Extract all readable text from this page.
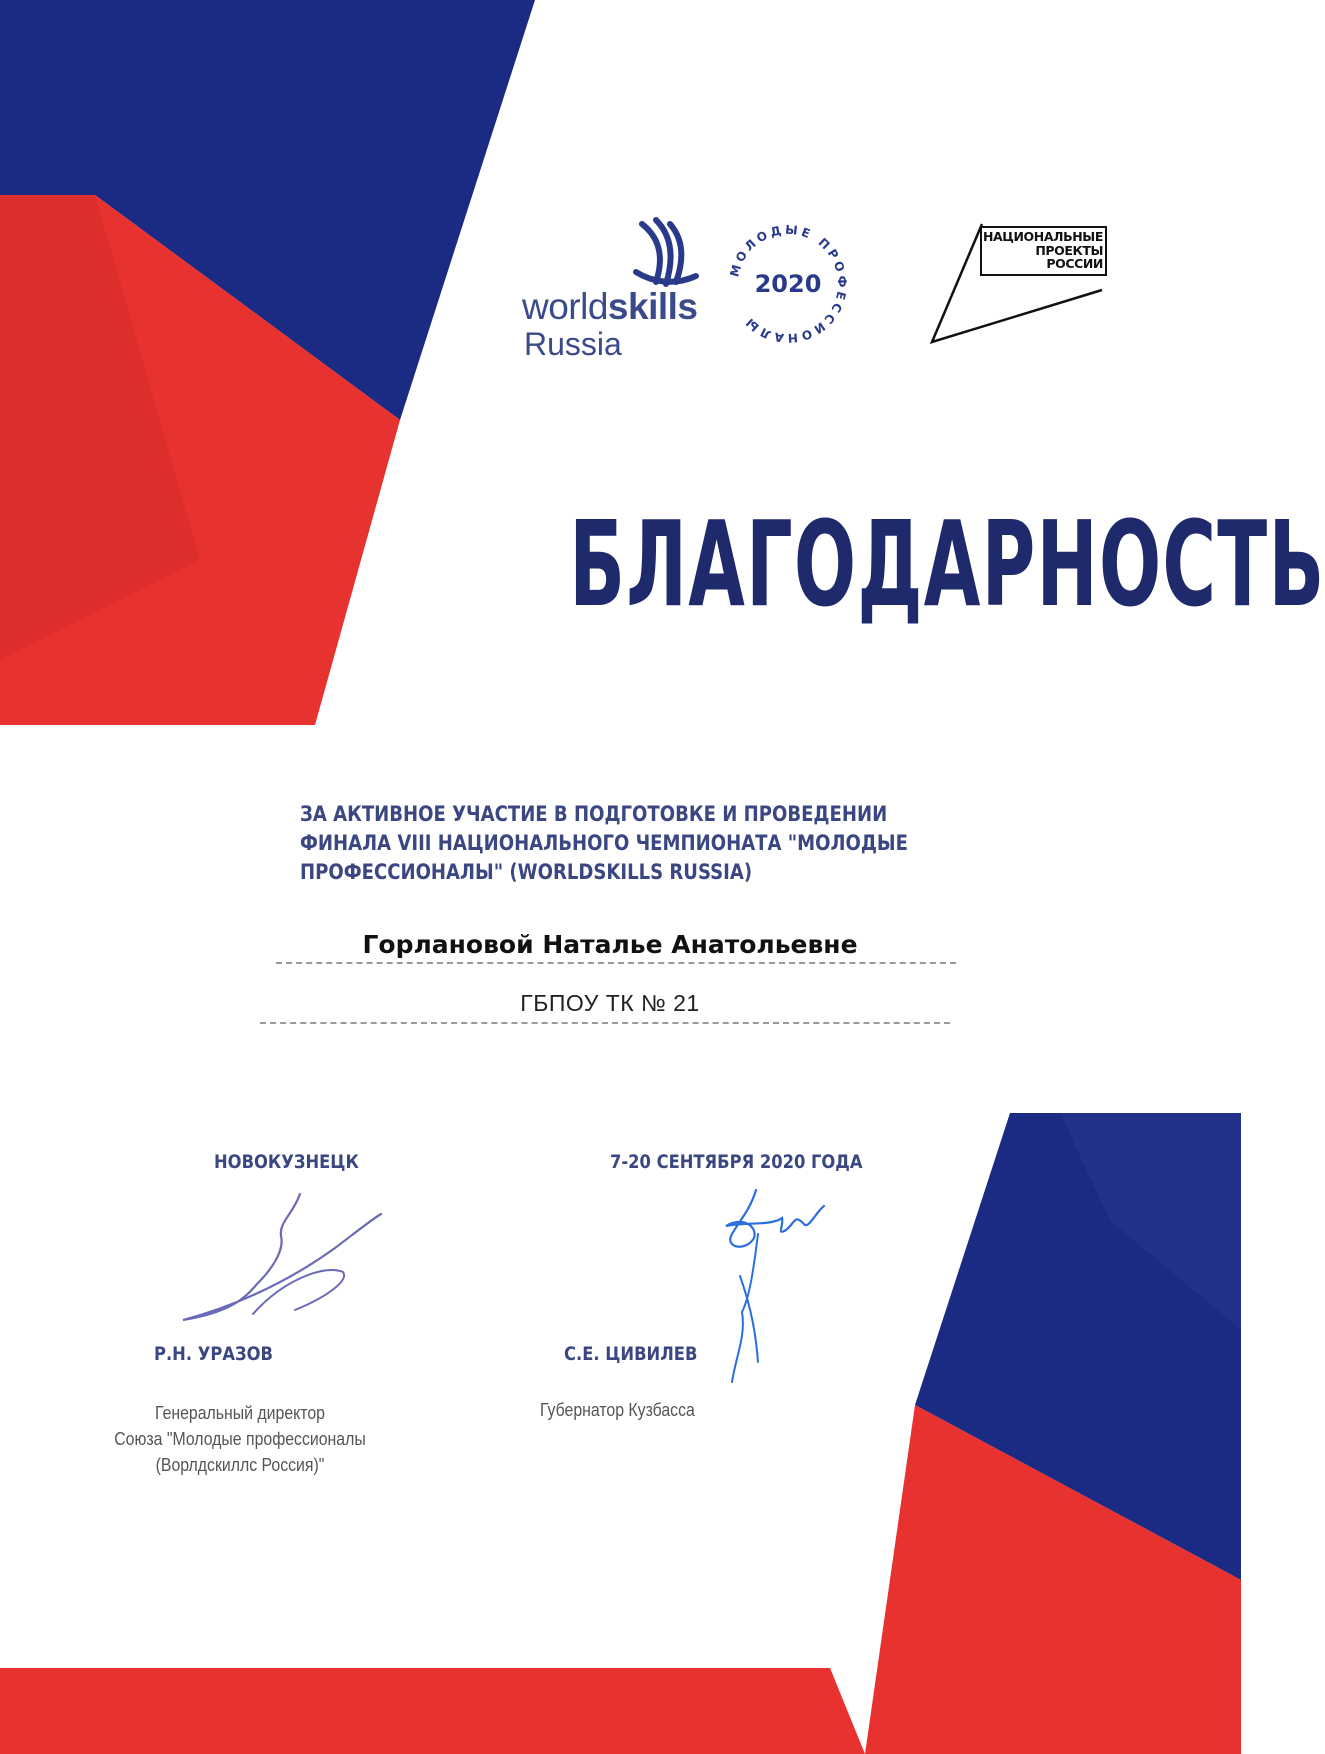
worldskills
Russia
МОЛОДЫЕ ПРОФЕССИОНАЛЫ
2020
НАЦИОНАЛЬНЫЕ
ПРОЕКТЫ
РОССИИ
БЛАГОДАРНОСТЬ
ЗА АКТИВНОЕ УЧАСТИЕ В ПОДГОТОВКЕ И ПРОВЕДЕНИИ
ФИНАЛА VIII НАЦИОНАЛЬНОГО ЧЕМПИОНАТА "МОЛОДЫЕ
ПРОФЕССИОНАЛЫ" (WORLDSKILLS RUSSIA)
Горлановой Наталье Анатольевне
ГБПОУ ТК № 21
НОВОКУЗНЕЦК	7-20 СЕНТЯБРЯ 2020 ГОДА
Р.Н. УРАЗОВ	С.Е. ЦИВИЛЕВ
Генеральный директор
Союза "Молодые профессионалы
(Ворлдскиллс Россия)"
Губернатор Кузбасса
